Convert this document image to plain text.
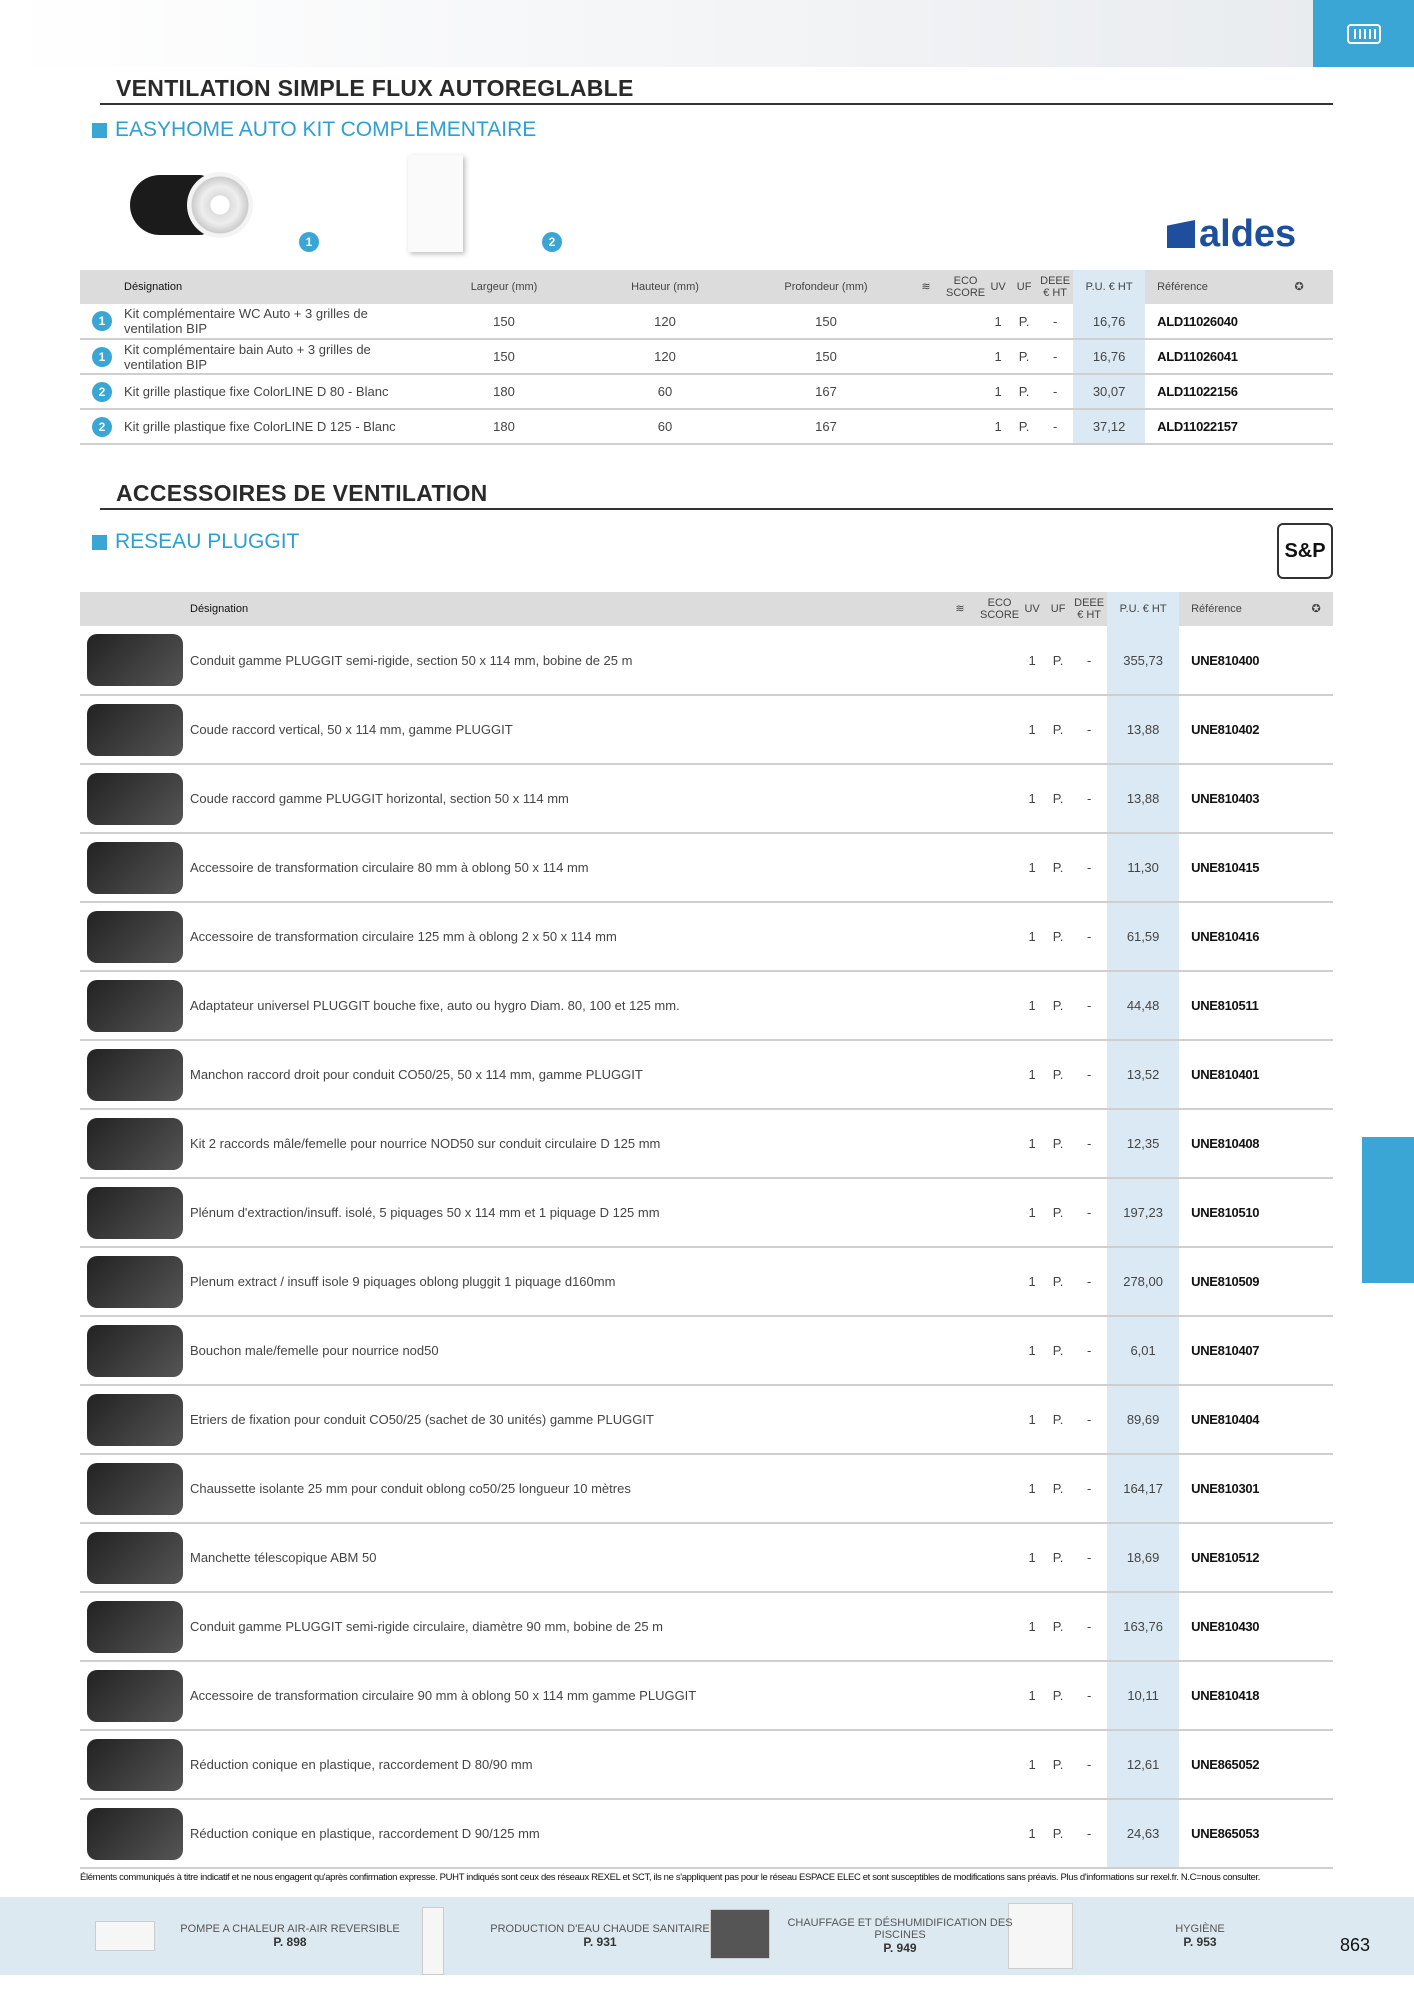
VENTILATION SIMPLE FLUX AUTOREGLABLE
EASYHOME AUTO KIT COMPLEMENTAIRE
1	2	aldes
	Désignation	Largeur (mm)	Hauteur (mm)	Profondeur (mm)	≋	ECO SCORE	UV	UF	DEEE € HT	P.U. € HT	Référence	✪
1	Kit complémentaire WC Auto + 3 grilles de ventilation BIP	150	120	150			1	P.	-	16,76	ALD11026040	
1	Kit complémentaire bain Auto + 3 grilles de ventilation BIP	150	120	150			1	P.	-	16,76	ALD11026041	
2	Kit grille plastique fixe ColorLINE D 80 - Blanc	180	60	167			1	P.	-	30,07	ALD11022156	
2	Kit grille plastique fixe ColorLINE D 125 - Blanc	180	60	167			1	P.	-	37,12	ALD11022157	
ACCESSOIRES DE VENTILATION
RESEAU PLUGGIT	S&P
	Désignation	≋	ECO SCORE	UV	UF	DEEE € HT	P.U. € HT	Référence	✪

	Conduit gamme PLUGGIT semi-rigide, section 50 x 114 mm, bobine de 25 m			1	P.	-	355,73	UNE810400	

	Coude raccord vertical, 50 x 114 mm, gamme PLUGGIT			1	P.	-	13,88	UNE810402	

	Coude raccord gamme PLUGGIT horizontal, section 50 x 114 mm			1	P.	-	13,88	UNE810403	

	Accessoire de transformation circulaire 80 mm à oblong 50 x 114 mm			1	P.	-	11,30	UNE810415	

	Accessoire de transformation circulaire 125 mm à oblong 2 x 50 x 114 mm			1	P.	-	61,59	UNE810416	

	Adaptateur universel PLUGGIT bouche fixe, auto ou hygro Diam. 80, 100 et 125 mm.			1	P.	-	44,48	UNE810511	

	Manchon raccord droit pour conduit CO50/25, 50 x 114 mm, gamme PLUGGIT			1	P.	-	13,52	UNE810401	

	Kit 2 raccords mâle/femelle pour nourrice NOD50 sur conduit circulaire D 125 mm			1	P.	-	12,35	UNE810408	

	Plénum d'extraction/insuff. isolé, 5 piquages 50 x 114 mm et 1 piquage D 125 mm			1	P.	-	197,23	UNE810510	

	Plenum extract / insuff isole 9 piquages oblong pluggit 1 piquage d160mm			1	P.	-	278,00	UNE810509	

	Bouchon male/femelle pour nourrice nod50			1	P.	-	6,01	UNE810407	

	Etriers de fixation pour conduit CO50/25 (sachet de 30 unités) gamme PLUGGIT			1	P.	-	89,69	UNE810404	

	Chaussette isolante 25 mm pour conduit oblong co50/25 longueur 10 mètres			1	P.	-	164,17	UNE810301	

	Manchette télescopique ABM 50			1	P.	-	18,69	UNE810512	

	Conduit gamme PLUGGIT semi-rigide circulaire, diamètre 90 mm, bobine de 25 m			1	P.	-	163,76	UNE810430	

	Accessoire de transformation circulaire 90 mm à oblong 50 x 114 mm gamme PLUGGIT			1	P.	-	10,11	UNE810418	

	Réduction conique en plastique, raccordement D 80/90 mm			1	P.	-	12,61	UNE865052	

	Réduction conique en plastique, raccordement D 90/125 mm			1	P.	-	24,63	UNE865053	
Éléments communiqués à titre indicatif et ne nous engagent qu'après confirmation expresse. PUHT indiqués sont ceux des réseaux REXEL et SCT, ils ne s'appliquent pas pour le réseau ESPACE ELEC et sont susceptibles de modifications sans préavis. Plus d'informations sur rexel.fr. N.C=nous consulter.
POMPE A CHALEUR AIR-AIR REVERSIBLE
P. 898
PRODUCTION D'EAU CHAUDE SANITAIRE
P. 931
CHAUFFAGE ET DÉSHUMIDIFICATION DES PISCINES
P. 949
HYGIÈNE
P. 953	863
